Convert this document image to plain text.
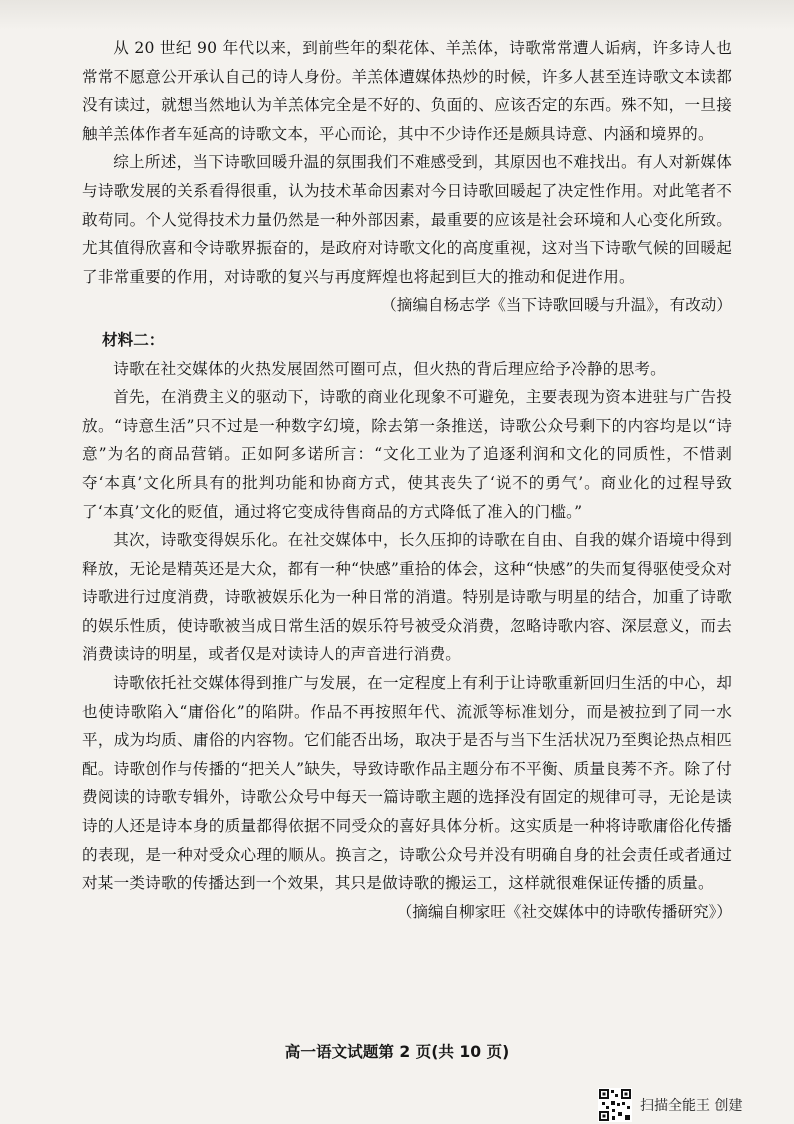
从 20 世纪 90 年代以来，到前些年的梨花体、羊羔体，诗歌常常遭人诟病，许多诗人也常常不愿意公开承认自己的诗人身份。羊羔体遭媒体热炒的时候，许多人甚至连诗歌文本读都没有读过，就想当然地认为羊羔体完全是不好的、负面的、应该否定的东西。殊不知，一旦接触羊羔体作者车延高的诗歌文本，平心而论，其中不少诗作还是颇具诗意、内涵和境界的。

综上所述，当下诗歌回暖升温的氛围我们不难感受到，其原因也不难找出。有人对新媒体与诗歌发展的关系看得很重，认为技术革命因素对今日诗歌回暖起了决定性作用。对此笔者不敢苟同。个人觉得技术力量仍然是一种外部因素，最重要的应该是社会环境和人心变化所致。尤其值得欣喜和令诗歌界振奋的，是政府对诗歌文化的高度重视，这对当下诗歌气候的回暖起了非常重要的作用，对诗歌的复兴与再度辉煌也将起到巨大的推动和促进作用。

（摘编自杨志学《当下诗歌回暖与升温》，有改动）

材料二：

诗歌在社交媒体的火热发展固然可圈可点，但火热的背后理应给予冷静的思考。

首先，在消费主义的驱动下，诗歌的商业化现象不可避免，主要表现为资本进驻与广告投放。“诗意生活”只不过是一种数字幻境，除去第一条推送，诗歌公众号剩下的内容均是以“诗意”为名的商品营销。正如阿多诺所言：“文化工业为了追逐利润和文化的同质性，不惜剥夺‘本真’文化所具有的批判功能和协商方式，使其丧失了‘说不的勇气’。商业化的过程导致了‘本真’文化的贬值，通过将它变成待售商品的方式降低了准入的门槛。”

其次，诗歌变得娱乐化。在社交媒体中，长久压抑的诗歌在自由、自我的媒介语境中得到释放，无论是精英还是大众，都有一种“快感”重拾的体会，这种“快感”的失而复得驱使受众对诗歌进行过度消费，诗歌被娱乐化为一种日常的消遣。特别是诗歌与明星的结合，加重了诗歌的娱乐性质，使诗歌被当成日常生活的娱乐符号被受众消费，忽略诗歌内容、深层意义，而去消费读诗的明星，或者仅是对读诗人的声音进行消费。

诗歌依托社交媒体得到推广与发展，在一定程度上有利于让诗歌重新回归生活的中心，却也使诗歌陷入“庸俗化”的陷阱。作品不再按照年代、流派等标准划分，而是被拉到了同一水平，成为均质、庸俗的内容物。它们能否出场，取决于是否与当下生活状况乃至舆论热点相匹配。诗歌创作与传播的“把关人”缺失，导致诗歌作品主题分布不平衡、质量良莠不齐。除了付费阅读的诗歌专辑外，诗歌公众号中每天一篇诗歌主题的选择没有固定的规律可寻，无论是读诗的人还是诗本身的质量都得依据不同受众的喜好具体分析。这实质是一种将诗歌庸俗化传播的表现，是一种对受众心理的顺从。换言之，诗歌公众号并没有明确自身的社会责任或者通过对某一类诗歌的传播达到一个效果，其只是做诗歌的搬运工，这样就很难保证传播的质量。

（摘编自柳家旺《社交媒体中的诗歌传播研究》）

高一语文试题第 2 页(共 10 页)
扫描全能王 创建
